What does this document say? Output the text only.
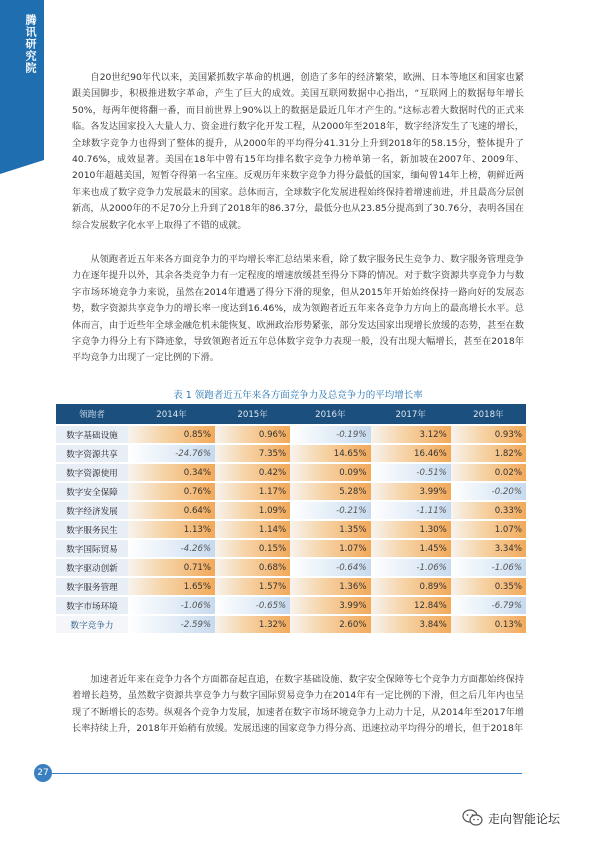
腾讯研究院
自20世纪90年代以来，美国紧抓数字革命的机遇，创造了多年的经济繁荣，欧洲、日本等地区和国家也紧跟美国脚步，积极推进数字革命，产生了巨大的成效。美国互联网数据中心指出，“互联网上的数据每年增长50%，每两年便将翻一番，而目前世界上90%以上的数据是最近几年才产生的。”这标志着大数据时代的正式来临。各发达国家投入大量人力、资金进行数字化开发工程，从2000年至2018年，数字经济发生了飞速的增长，全球数字竞争力也得到了整体的提升，从2000年的平均得分41.31分上升到2018年的58.15分，整体提升了40.76%，成效显著。美国在18年中曾有15年均排名数字竞争力榜单第一名，新加坡在2007年、2009年、2010年超越美国，短暂夺得第一名宝座。反观历年来数字竞争力得分最低的国家，缅甸曾14年上榜，朝鲜近两年来也成了数字竞争力发展最末的国家。总体而言，全球数字化发展进程始终保持着增速前进，并且最高分层创新高，从2000年的不足70分上升到了2018年的86.37分，最低分也从23.85分提高到了30.76分，表明各国在综合发展数字化水平上取得了不错的成就。
从领跑者近五年来各方面竞争力的平均增长率汇总结果来看，除了数字服务民生竞争力、数字服务管理竞争力在逐年提升以外，其余各类竞争力有一定程度的增速放缓甚至得分下降的情况。对于数字资源共享竞争力与数字市场环境竞争力来说，虽然在2014年遭遇了得分下滑的现象，但从2015年开始始终保持一路向好的发展态势，数字资源共享竞争力的增长率一度达到16.46%，成为领跑者近五年来各竞争力方向上的最高增长水平。总体而言，由于近些年全球金融危机未能恢复、欧洲政治形势紧张，部分发达国家出现增长放缓的态势，甚至在数字竞争力得分上有下降迹象，导致领跑者近五年总体数字竞争力表现一般，没有出现大幅增长，甚至在2018年平均竞争力出现了一定比例的下滑。
表 1 领跑者近五年来各方面竞争力及总竞争力的平均增长率
领跑者	2014年	2015年	2016年	2017年	2018年
数字基础设施	0.85%	0.96%	-0.19%	3.12%	0.93%
数字资源共享	-24.76%	7.35%	14.65%	16.46%	1.82%
数字资源使用	0.34%	0.42%	0.09%	-0.51%	0.02%
数字安全保障	0.76%	1.17%	5.28%	3.99%	-0.20%
数字经济发展	0.64%	1.09%	-0.21%	-1.11%	0.33%
数字服务民生	1.13%	1.14%	1.35%	1.30%	1.07%
数字国际贸易	-4.26%	0.15%	1.07%	1.45%	3.34%
数字驱动创新	0.71%	0.68%	-0.64%	-1.06%	-1.06%
数字服务管理	1.65%	1.57%	1.36%	0.89%	0.35%
数字市场环境	-1.06%	-0.65%	3.99%	12.84%	-6.79%
数字竞争力	-2.59%	1.32%	2.60%	3.84%	0.13%
加速者近年来在竞争力各个方面都奋起直追，在数字基础设施、数字安全保障等七个竞争力方面都始终保持着增长趋势，虽然数字资源共享竞争力与数字国际贸易竞争力在2014年有一定比例的下滑，但之后几年内也呈现了不断增长的态势。纵观各个竞争力发展，加速者在数字市场环境竞争力上动力十足，从2014年至2017年增长率持续上升，2018年开始稍有放缓。发展迅速的国家竞争力得分高、迅速拉动平均得分的增长，但于2018年
27
走向智能论坛
